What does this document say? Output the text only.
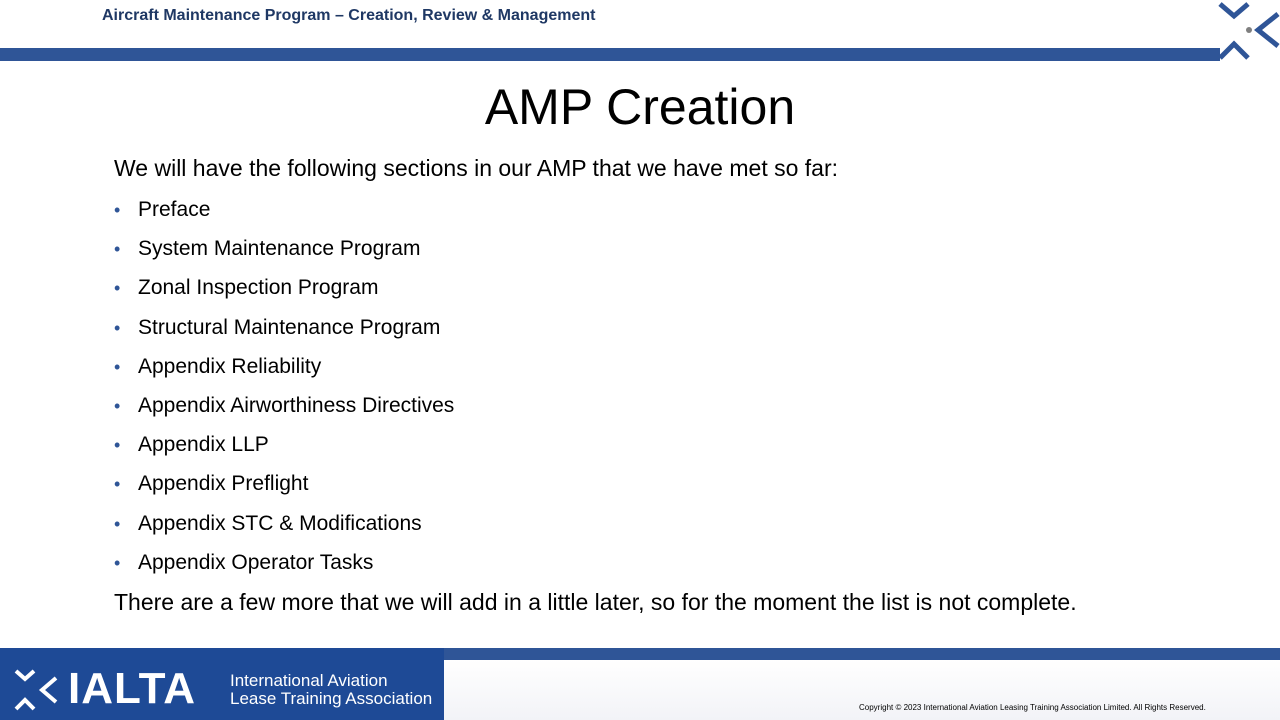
Aircraft Maintenance Program – Creation, Review & Management
AMP Creation

We will have the following sections in our AMP that we have met so far:

• Preface
• System Maintenance Program
• Zonal Inspection Program
• Structural Maintenance Program
• Appendix Reliability
• Appendix Airworthiness Directives
• Appendix LLP
• Appendix Preflight
• Appendix STC & Modifications
• Appendix Operator Tasks

There are a few more that we will add in a little later, so for the moment the list is not complete.

IALTA International Aviation
Lease Training Association	Copyright © 2023 International Aviation Leasing Training Association Limited. All Rights Reserved.
